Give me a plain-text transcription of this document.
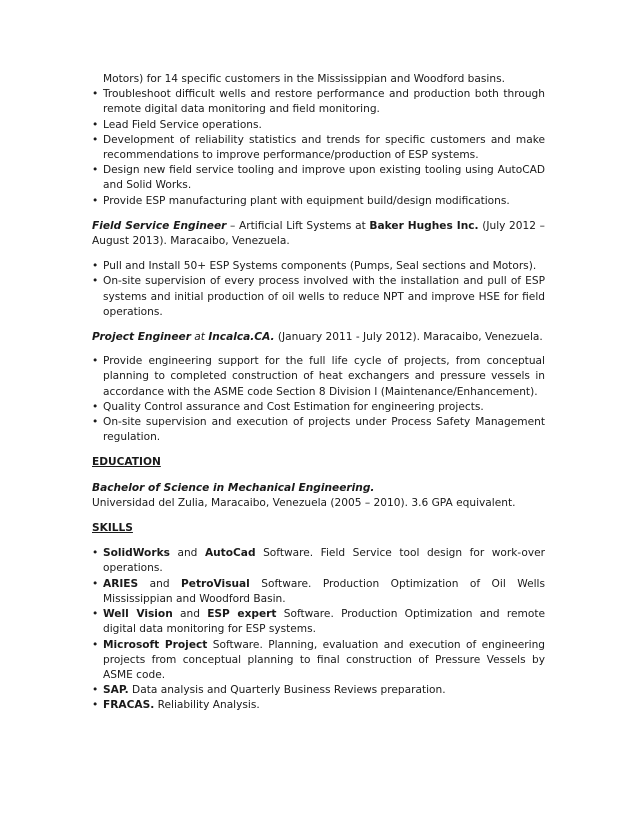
Motors) for 14 specific customers in the Mississippian and Woodford basins.
• Troubleshoot difficult wells and restore performance and production both through remote digital data monitoring and field monitoring.
• Lead Field Service operations.
• Development of reliability statistics and trends for specific customers and make recommendations to improve performance/production of ESP systems.
• Design new field service tooling and improve upon existing tooling using AutoCAD and Solid Works.
• Provide ESP manufacturing plant with equipment build/design modifications.

Field Service Engineer – Artificial Lift Systems at Baker Hughes Inc. (July 2012 – August 2013). Maracaibo, Venezuela.

• Pull and Install 50+ ESP Systems components (Pumps, Seal sections and Motors).
• On-site supervision of every process involved with the installation and pull of ESP systems and initial production of oil wells to reduce NPT and improve HSE for field operations.

Project Engineer at Incalca.CA. (January 2011 - July 2012). Maracaibo, Venezuela.

• Provide engineering support for the full life cycle of projects, from conceptual planning to completed construction of heat exchangers and pressure vessels in accordance with the ASME code Section 8 Division I (Maintenance/Enhancement).
• Quality Control assurance and Cost Estimation for engineering projects.
• On-site supervision and execution of projects under Process Safety Management regulation.

EDUCATION

Bachelor of Science in Mechanical Engineering.

Universidad del Zulia, Maracaibo, Venezuela (2005 – 2010). 3.6 GPA equivalent.

SKILLS

• SolidWorks and AutoCad Software. Field Service tool design for work-over operations.
• ARIES and PetroVisual Software. Production Optimization of Oil Wells Mississippian and Woodford Basin.
• Well Vision and ESP expert Software. Production Optimization and remote digital data monitoring for ESP systems.
• Microsoft Project Software. Planning, evaluation and execution of engineering projects from conceptual planning to final construction of Pressure Vessels by ASME code.
• SAP. Data analysis and Quarterly Business Reviews preparation.
• FRACAS. Reliability Analysis.
